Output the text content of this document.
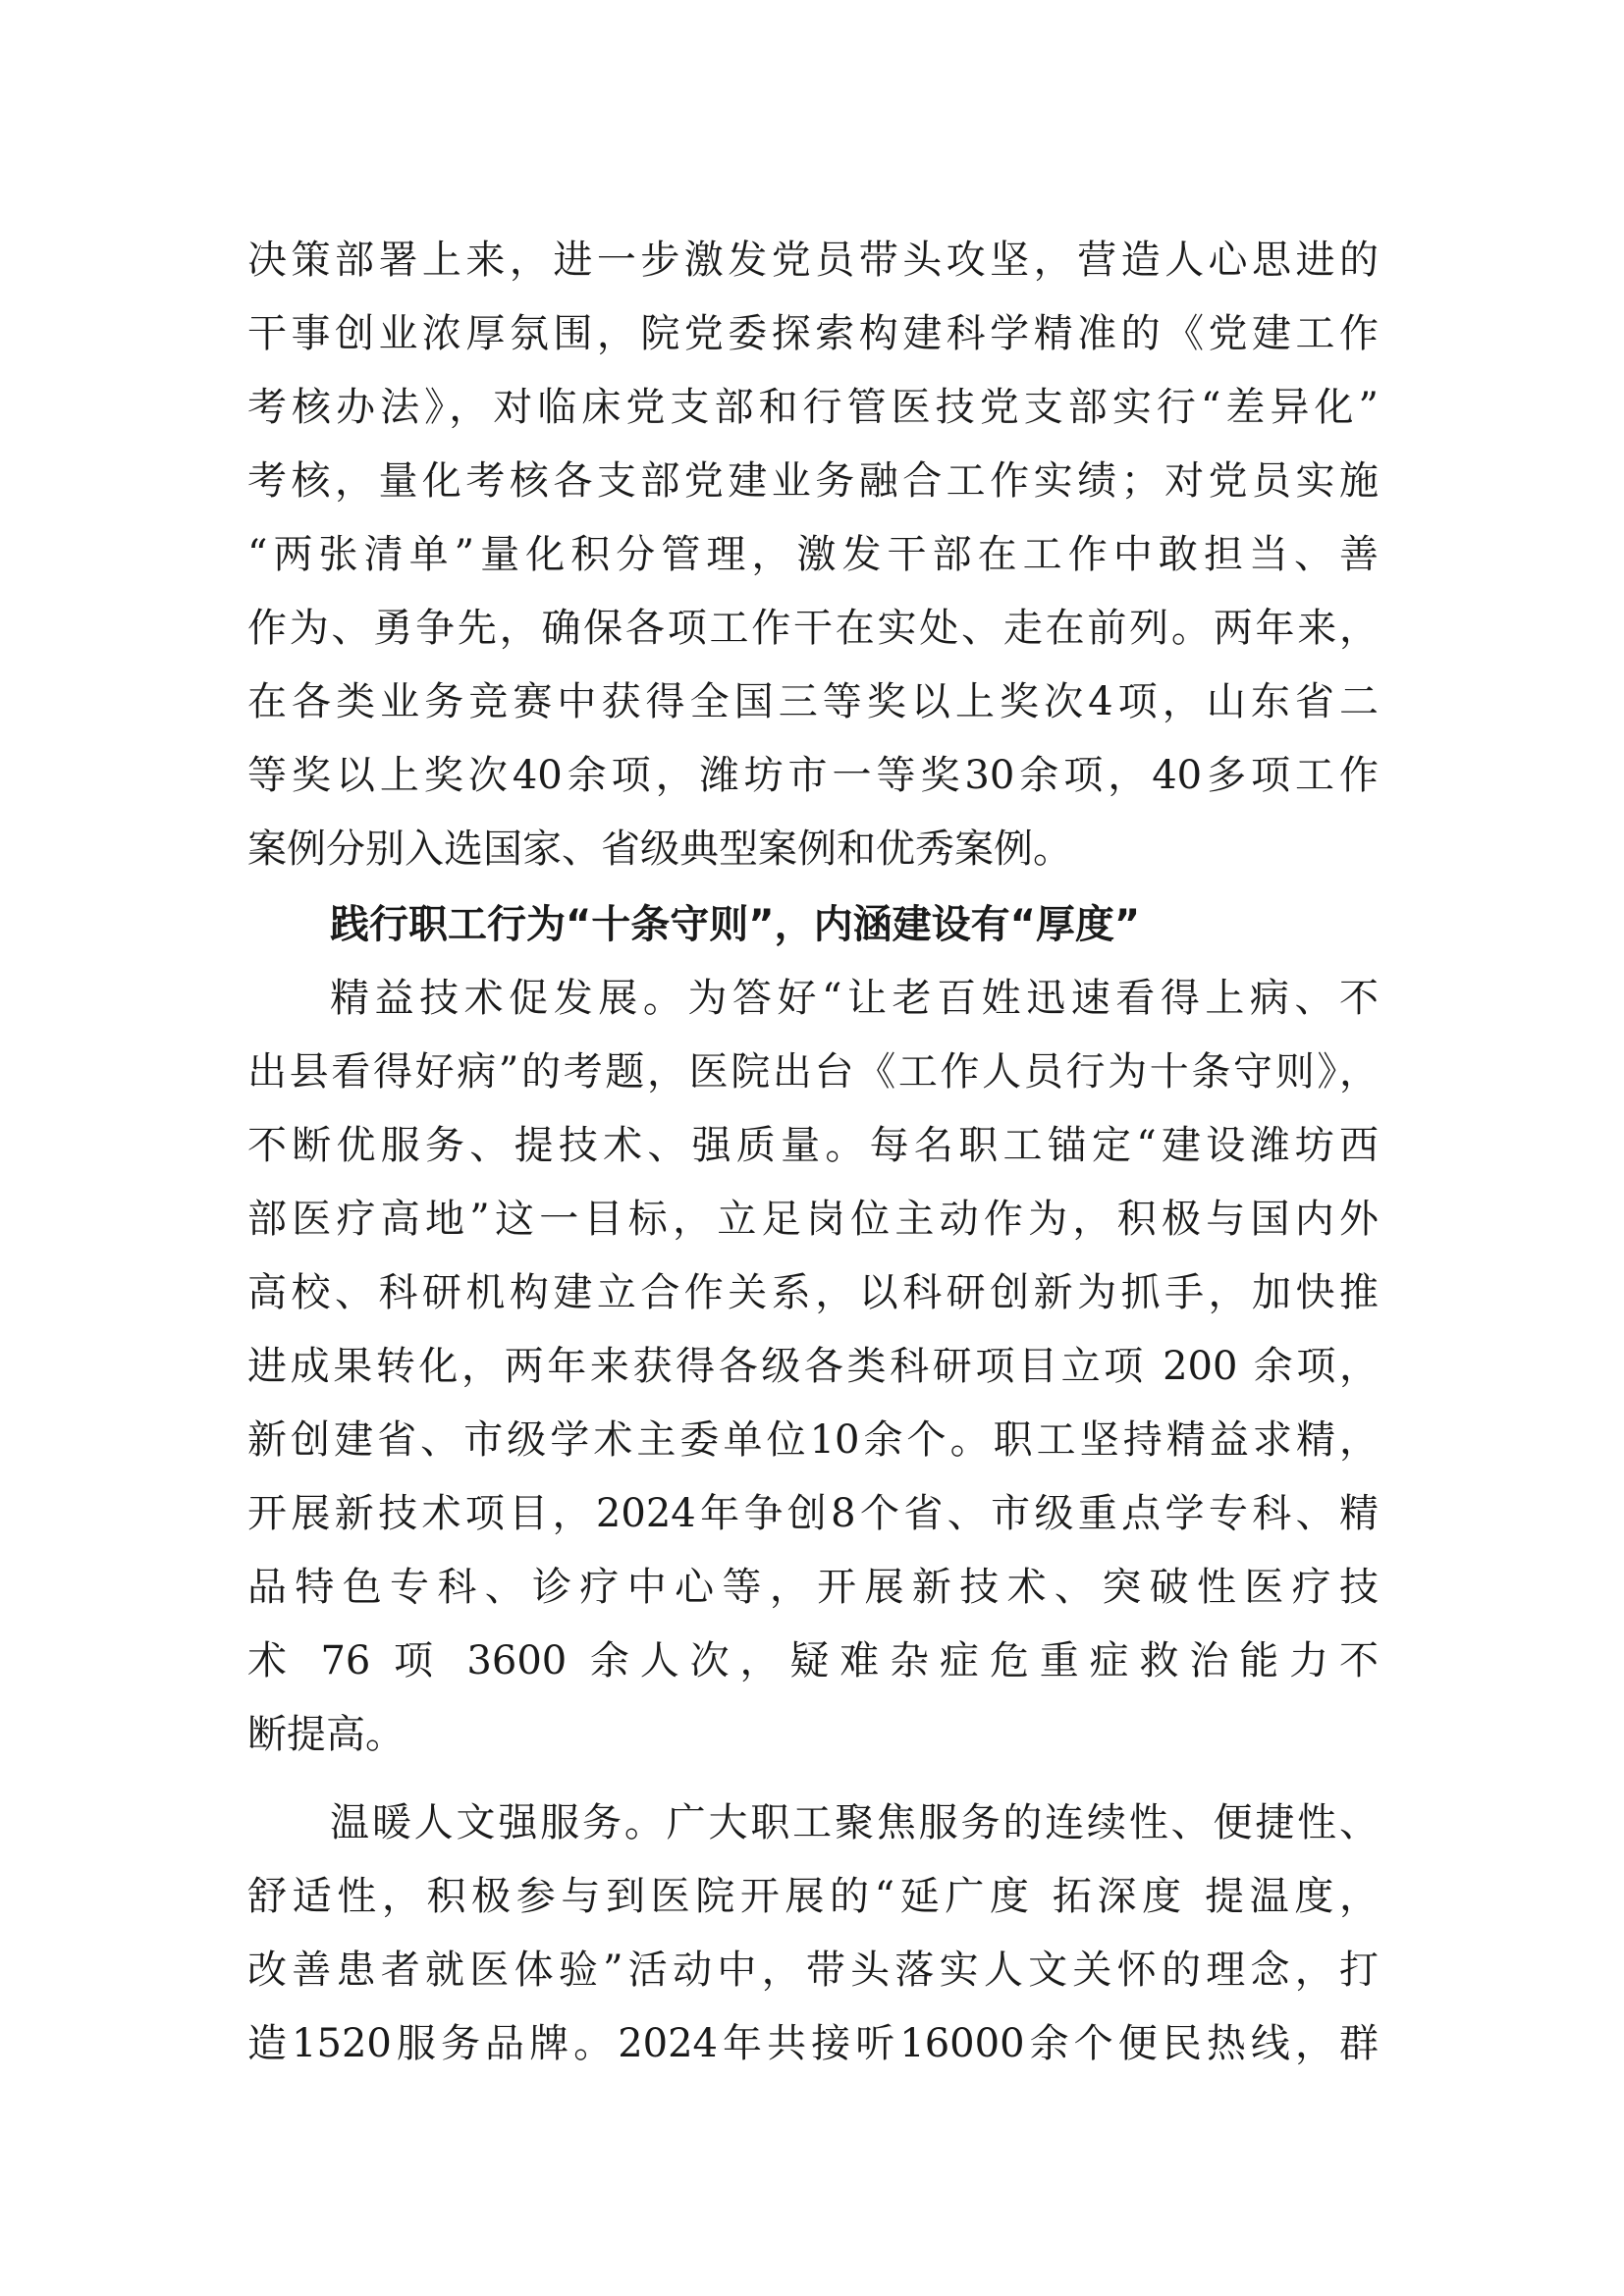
决策部署上来，进一步激发党员带头攻坚，营造人心思进的
干事创业浓厚氛围，院党委探索构建科学精准的《党建工作
考核办法》，对临床党支部和行管医技党支部实行“差异化”
考核，量化考核各支部党建业务融合工作实绩；对党员实施
“两张清单”量化积分管理，激发干部在工作中敢担当、善
作为、勇争先，确保各项工作干在实处、走在前列。两年来，
在各类业务竞赛中获得全国三等奖以上奖次4项，山东省二
等奖以上奖次40余项，潍坊市一等奖30余项，40多项工作
案例分别入选国家、省级典型案例和优秀案例。
践行职工行为“十条守则”，内涵建设有“厚度”
精益技术促发展。为答好“让老百姓迅速看得上病、不
出县看得好病”的考题，医院出台《工作人员行为十条守则》，
不断优服务、提技术、强质量。每名职工锚定“建设潍坊西
部医疗高地”这一目标，立足岗位主动作为，积极与国内外
高校、科研机构建立合作关系，以科研创新为抓手，加快推
进成果转化，两年来获得各级各类科研项目立项 200 余项，
新创建省、市级学术主委单位10余个。职工坚持精益求精，
开展新技术项目，2024年争创8个省、市级重点学专科、精
品特色专科、诊疗中心等，开展新技术、突破性医疗技
术 76 项 3600 余人次，疑难杂症危重症救治能力不
断提高。
温暖人文强服务。广大职工聚焦服务的连续性、便捷性、
舒适性，积极参与到医院开展的“延广度 拓深度 提温度，
改善患者就医体验”活动中，带头落实人文关怀的理念，打
造1520服务品牌。2024年共接听16000余个便民热线，群
